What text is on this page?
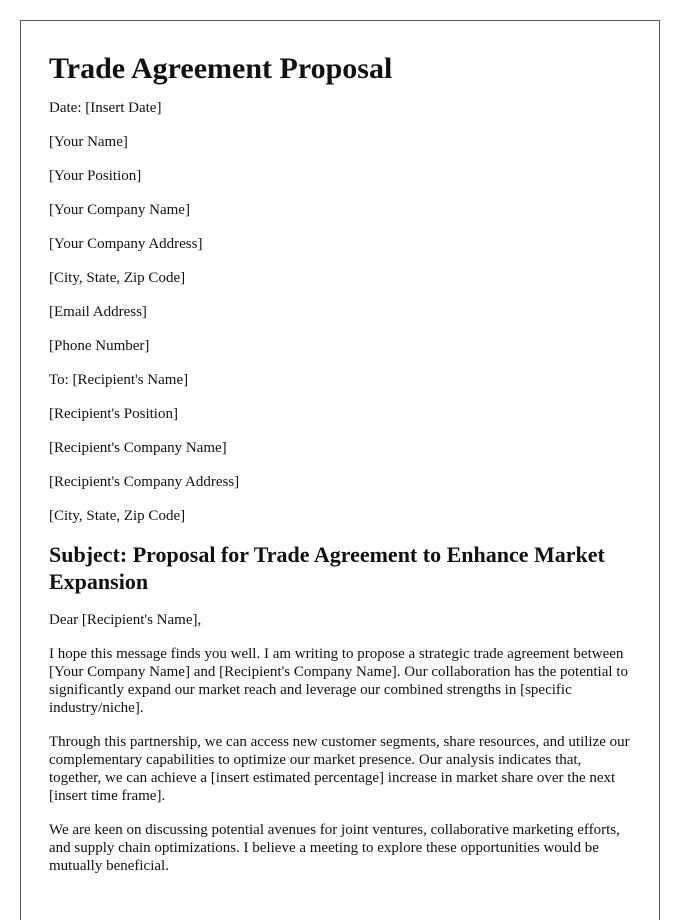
Trade Agreement Proposal

Date: [Insert Date]

[Your Name]

[Your Position]

[Your Company Name]

[Your Company Address]

[City, State, Zip Code]

[Email Address]

[Phone Number]

To: [Recipient's Name]

[Recipient's Position]

[Recipient's Company Name]

[Recipient's Company Address]

[City, State, Zip Code]

Subject: Proposal for Trade Agreement to Enhance Market Expansion

Dear [Recipient's Name],

I hope this message finds you well. I am writing to propose a strategic trade agreement between [Your Company Name] and [Recipient's Company Name]. Our collaboration has the potential to significantly expand our market reach and leverage our combined strengths in [specific industry/niche].

Through this partnership, we can access new customer segments, share resources, and utilize our complementary capabilities to optimize our market presence. Our analysis indicates that, together, we can achieve a [insert estimated percentage] increase in market share over the next [insert time frame].

We are keen on discussing potential avenues for joint ventures, collaborative marketing efforts, and supply chain optimizations. I believe a meeting to explore these opportunities would be mutually beneficial.
